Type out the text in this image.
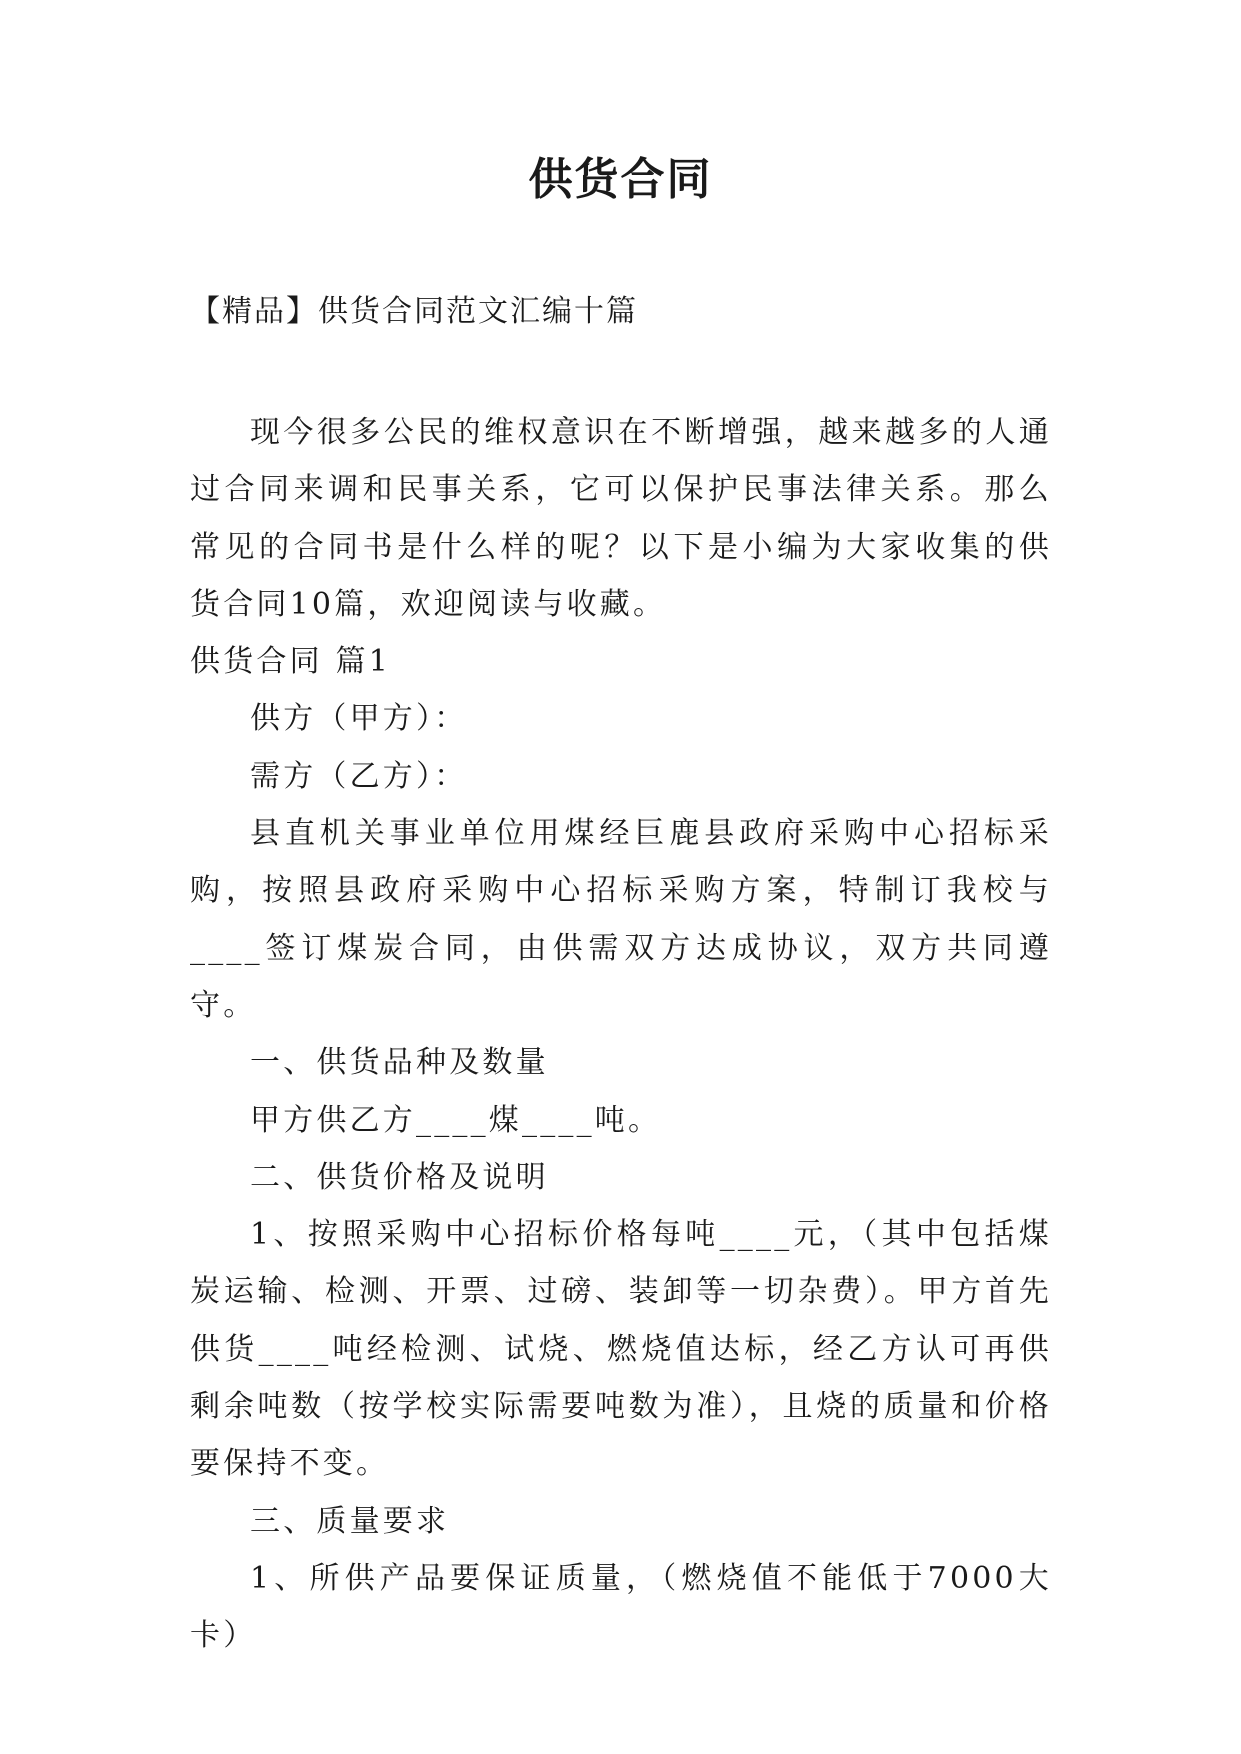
供货合同
【精品】供货合同范文汇编十篇

现今很多公民的维权意识在不断增强，越来越多的人通过合同来调和民事关系，它可以保护民事法律关系。那么常见的合同书是什么样的呢？以下是小编为大家收集的供货合同10篇，欢迎阅读与收藏。

供货合同 篇1

供方（甲方）：

需方（乙方）：

县直机关事业单位用煤经巨鹿县政府采购中心招标采购，按照县政府采购中心招标采购方案，特制订我校与____签订煤炭合同，由供需双方达成协议，双方共同遵守。

一、供货品种及数量

甲方供乙方____煤____吨。

二、供货价格及说明

1、按照采购中心招标价格每吨____元，（其中包括煤炭运输、检测、开票、过磅、装卸等一切杂费）。甲方首先供货____吨经检测、试烧、燃烧值达标，经乙方认可再供剩余吨数（按学校实际需要吨数为准），且烧的质量和价格要保持不变。

三、质量要求

1、所供产品要保证质量，（燃烧值不能低于7000大卡）
